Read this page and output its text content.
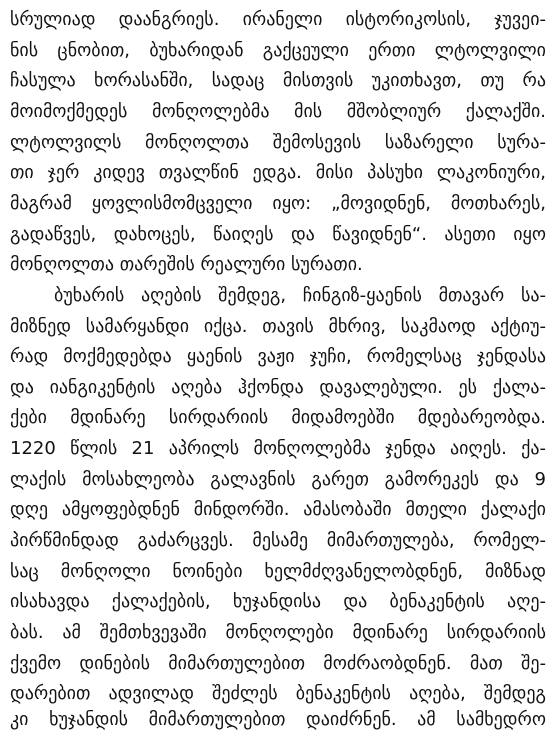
სრულიად დაანგრიეს. ირანელი ისტორიკოსის, ჯუვეი-
ნის ცნობით, ბუხარიდან გაქცეული ერთი ლტოლვილი
ჩასულა ხორასანში, სადაც მისთვის უკითხავთ, თუ რა
მოიმოქმედეს მონღოლებმა მის მშობლიურ ქალაქში.
ლტოლვილს მონღოლთა შემოსევის საზარელი სურა-
თი ჯერ კიდევ თვალწინ ედგა. მისი პასუხი ლაკონიური,
მაგრამ ყოვლისმომცველი იყო: „მოვიდნენ, მოთხარეს,
გადაწვეს, დახოცეს, წაიღეს და წავიდნენ“. ასეთი იყო
მონღოლთა თარეშის რეალური სურათი.
ბუხარის აღების შემდეგ, ჩინგიზ-ყაენის მთავარ სა-
მიზნედ სამარყანდი იქცა. თავის მხრივ, საკმაოდ აქტიუ-
რად მოქმედებდა ყაენის ვაჟი ჯუჩი, რომელსაც ჯენდასა
და იანგიკენტის აღება ჰქონდა დავალებული. ეს ქალა-
ქები მდინარე სირდარიის მიდამოებში მდებარეობდა.
1220 წლის 21 აპრილს მონღოლებმა ჯენდა აიღეს. ქა-
ლაქის მოსახლეობა გალავნის გარეთ გამორეკეს და 9
დღე ამყოფებდნენ მინდორში. ამასობაში მთელი ქალაქი
პირწმინდად გაძარცვეს. მესამე მიმართულება, რომელ-
საც მონღოლი ნოინები ხელმძღვანელობდნენ, მიზნად
ისახავდა ქალაქების, ხუჯანდისა და ბენაკენტის აღე-
ბას. ამ შემთხვევაში მონღოლები მდინარე სირდარიის
ქვემო დინების მიმართულებით მოძრაობდნენ. მათ შე-
დარებით ადვილად შეძლეს ბენაკენტის აღება, შემდეგ
კი ხუჯანდის მიმართულებით დაიძრნენ. ამ სამხედრო
